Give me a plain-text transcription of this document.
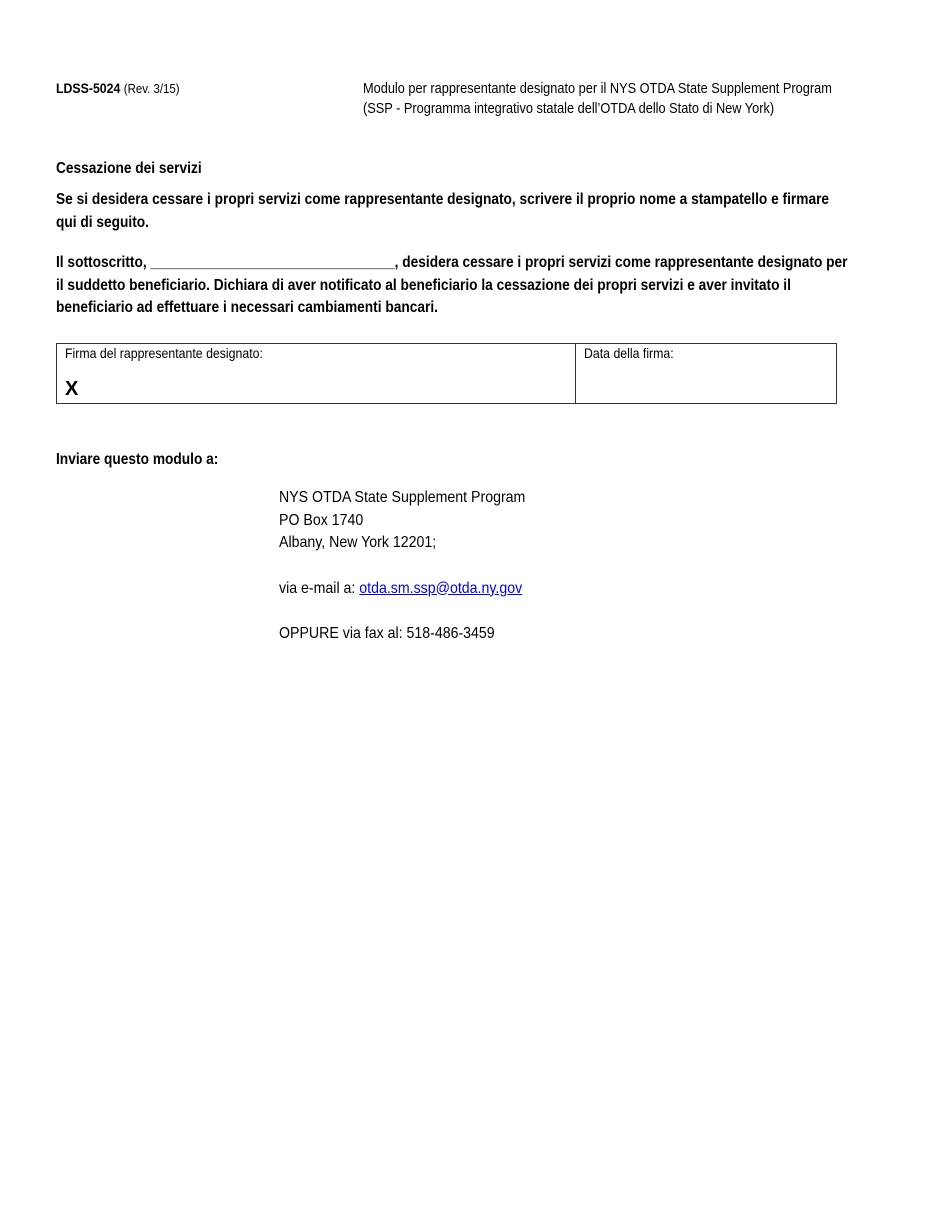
LDSS-5024 (Rev. 3/15)	Modulo per rappresentante designato per il NYS OTDA State Supplement Program
(SSP - Programma integrativo statale dell’OTDA dello Stato di New York)
Cessazione dei servizi
Se si desidera cessare i propri servizi come rappresentante designato, scrivere il proprio nome a stampatello e firmare qui di seguito.
Il sottoscritto, ________________________________, desidera cessare i propri servizi come rappresentante designato per il suddetto beneficiario. Dichiara di aver notificato al beneficiario la cessazione dei propri servizi e aver invitato il beneficiario ad effettuare i necessari cambiamenti bancari.
Firma del rappresentante designato:
X
Data della firma:
Inviare questo modulo a:
NYS OTDA State Supplement Program
PO Box 1740
Albany, New York 12201;
via e-mail a: otda.sm.ssp@otda.ny.gov
OPPURE via fax al: 518-486-3459
